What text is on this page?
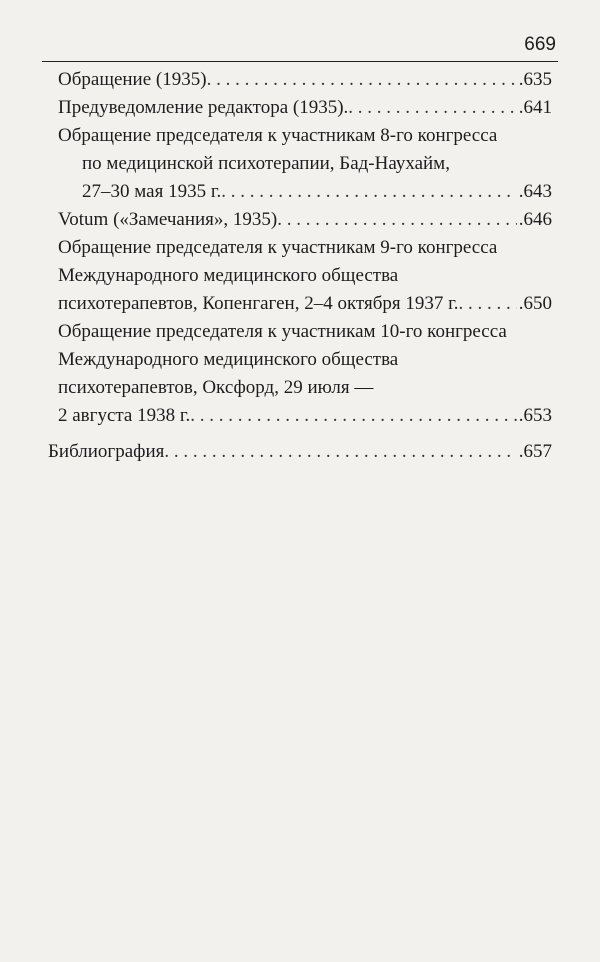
669
Обращение (1935) . . .	.635
Предуведомление редактора (1935). . . .	.641
Обращение председателя к участникам 8-го конгресса
по медицинской психотерапии, Бад-Наухайм,
27–30 мая 1935 г. . . .	.643
Votum («Замечания», 1935) . . .	.646
Обращение председателя к участникам 9-го конгресса
Международного медицинского общества
психотерапевтов, Копенгаген, 2–4 октября 1937 г. . . .	.650
Обращение председателя к участникам 10-го конгресса
Международного медицинского общества
психотерапевтов, Оксфорд, 29 июля —
2 августа 1938 г. . . .	.653
Библиография . . .	.657
